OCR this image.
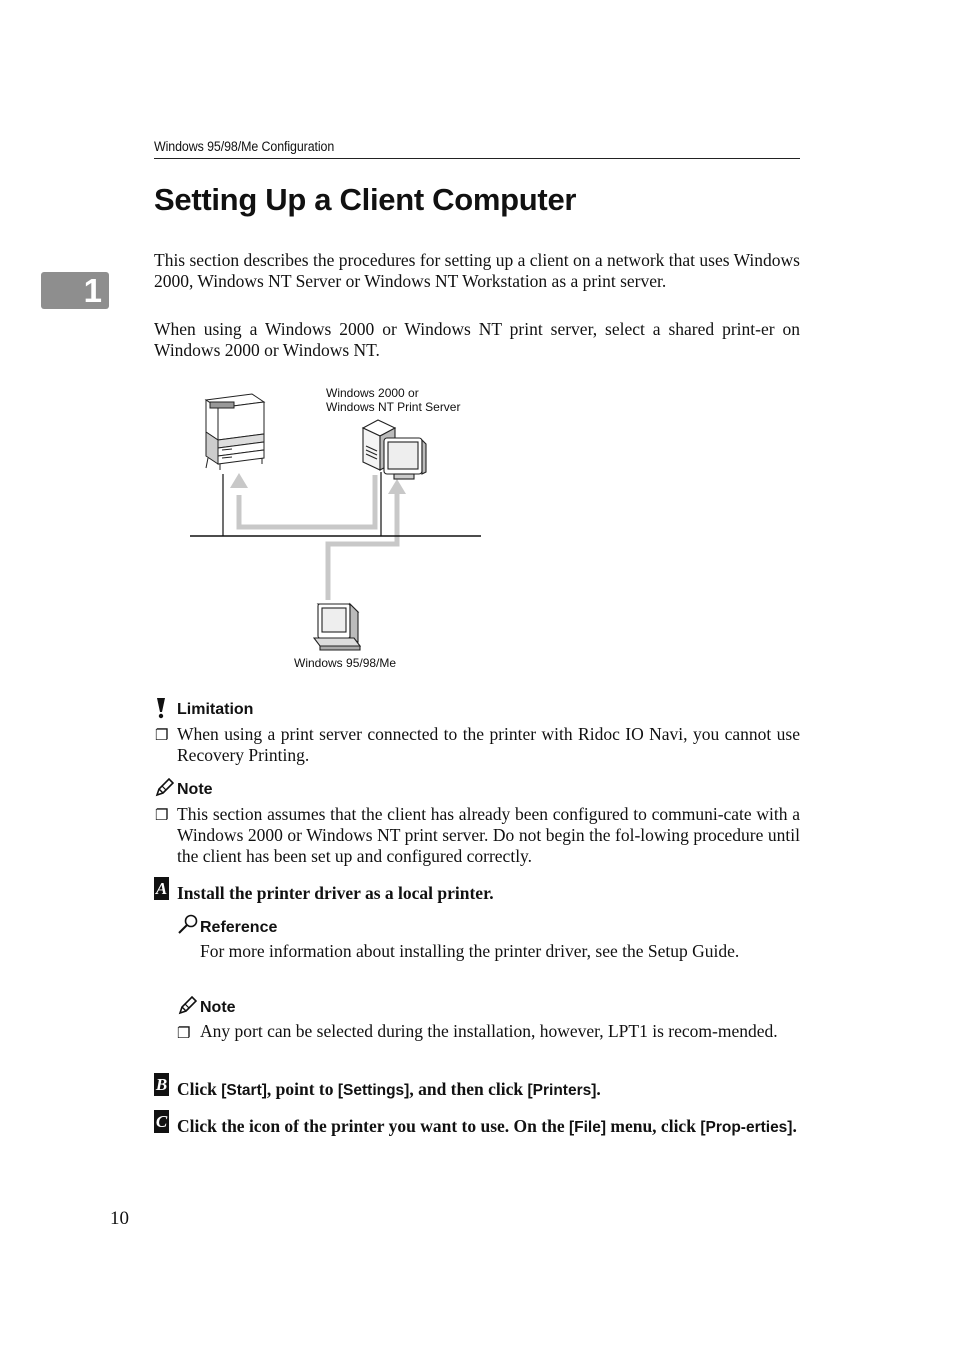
Windows 95/98/Me Configuration
1
Setting Up a Client Computer
This section describes the procedures for setting up a client on a network that uses Windows 2000, Windows NT Server or Windows NT Workstation as a print server.
When using a Windows 2000 or Windows NT print server, select a shared print-er on Windows 2000 or Windows NT.
Windows 2000 or
Windows NT Print Server
Windows 95/98/Me
Limitation
❐ When using a print server connected to the printer with Ridoc IO Navi, you cannot use Recovery Printing.
Note
❐ This section assumes that the client has already been configured to communi-cate with a Windows 2000 or Windows NT print server. Do not begin the fol-lowing procedure until the client has been set up and configured correctly.
A Install the printer driver as a local printer.
Reference
For more information about installing the printer driver, see the Setup Guide.
Note
❐ Any port can be selected during the installation, however, LPT1 is recom-mended.
B Click [Start], point to [Settings], and then click [Printers].
C Click the icon of the printer you want to use. On the [File] menu, click [Prop-erties].
10
